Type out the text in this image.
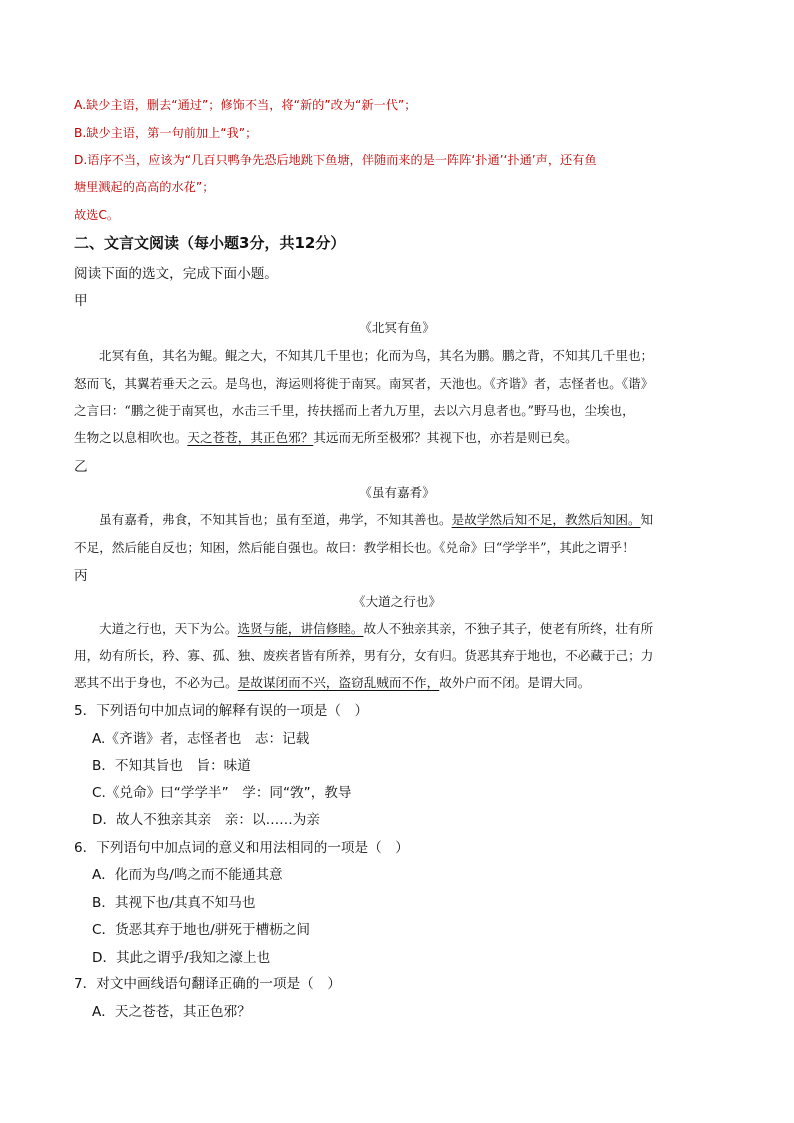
A.缺少主语，删去“通过”；修饰不当，将“新的”改为“新一代”；
B.缺少主语，第一句前加上“我”；
D.语序不当，应该为“几百只鸭争先恐后地跳下鱼塘，伴随而来的是一阵阵‘扑通’‘扑通’声，还有鱼
塘里溅起的高高的水花”；
故选C。
二、文言文阅读（每小题3分，共12分）
阅读下面的选文，完成下面小题。
甲
《北冥有鱼》
北冥有鱼，其名为鲲。鲲之大，不知其几千里也；化而为鸟，其名为鹏。鹏之背，不知其几千里也；
怒而飞，其翼若垂天之云。是鸟也，海运则将徙于南冥。南冥者，天池也。《齐谐》者，志怪者也。《谐》
之言曰：“鹏之徙于南冥也，水击三千里，抟扶摇而上者九万里，去以六月息者也。”野马也，尘埃也，
生物之以息相吹也。天之苍苍，其正色邪？其远而无所至极邪？其视下也，亦若是则已矣。
乙
《虽有嘉肴》
虽有嘉肴，弗食，不知其旨也；虽有至道，弗学，不知其善也。是故学然后知不足，教然后知困。知
不足，然后能自反也；知困，然后能自强也。故曰：教学相长也。《兑命》曰“学学半”，其此之谓乎！
丙
《大道之行也》
大道之行也，天下为公。选贤与能，讲信修睦。故人不独亲其亲，不独子其子，使老有所终，壮有所
用，幼有所长，矜、寡、孤、独、废疾者皆有所养，男有分，女有归。货恶其弃于地也，不必藏于己；力
恶其不出于身也，不必为己。是故谋闭而不兴，盗窃乱贼而不作，故外户而不闭。是谓大同。
5．下列语句中加点词的解释有误的一项是（　）
A.《齐谐》者，志怪者也　志：记载
B．不知其旨也　旨：味道
C.《兑命》曰“学学半”　学：同“敩”，教导
D．故人不独亲其亲　亲：以……为亲
6．下列语句中加点词的意义和用法相同的一项是（　）
A．化而为鸟/鸣之而不能通其意
B．其视下也/其真不知马也
C．货恶其弃于地也/骈死于槽枥之间
D．其此之谓乎/我知之濠上也
7．对文中画线语句翻译正确的一项是（　）
A．天之苍苍，其正色邪？
